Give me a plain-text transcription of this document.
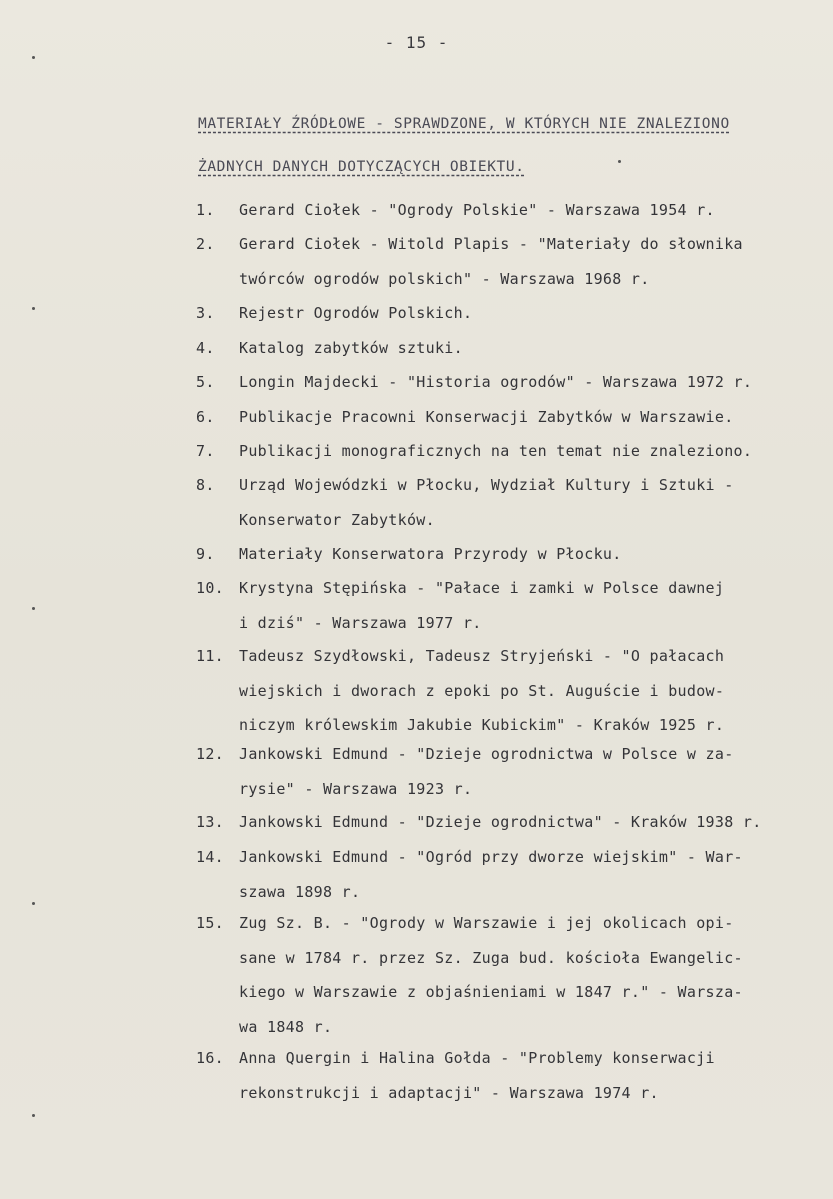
- 15 -
MATERIAŁY ŹRÓDŁOWE - SPRAWDZONE, W KTÓRYCH NIE ZNALEZIONO
ŻADNYCH DANYCH DOTYCZĄCYCH OBIEKTU.
1.	Gerard Ciołek - "Ogrody Polskie" - Warszawa 1954 r.
2.	Gerard Ciołek - Witold Plapis - "Materiały do słownika
twórców ogrodów polskich" - Warszawa 1968 r.
3.	Rejestr Ogrodów Polskich.
4.	Katalog zabytków sztuki.
5.	Longin Majdecki - "Historia ogrodów" - Warszawa 1972 r.
6.	Publikacje Pracowni Konserwacji Zabytków w Warszawie.
7.	Publikacji monograficznych na ten temat nie znaleziono.
8.	Urząd Wojewódzki w Płocku, Wydział Kultury i Sztuki -
Konserwator Zabytków.
9.	Materiały Konserwatora Przyrody w Płocku.
10.	Krystyna Stępińska - "Pałace i zamki w Polsce dawnej
i dziś" - Warszawa 1977 r.
11.	Tadeusz Szydłowski, Tadeusz Stryjeński - "O pałacach
wiejskich i dworach z epoki po St. Auguście i budow-
niczym królewskim Jakubie Kubickim" - Kraków 1925 r.
12.	Jankowski Edmund - "Dzieje ogrodnictwa w Polsce w za-
rysie" - Warszawa 1923 r.
13.	Jankowski Edmund - "Dzieje ogrodnictwa" - Kraków 1938 r.
14.	Jankowski Edmund - "Ogród przy dworze wiejskim" - War-
szawa 1898 r.
15.	Zug Sz. B. - "Ogrody w Warszawie i jej okolicach opi-
sane w 1784 r. przez Sz. Zuga bud. kościoła Ewangelic-
kiego w Warszawie z objaśnieniami w 1847 r." - Warsza-
wa 1848 r.
16.	Anna Quergin i Halina Gołda - "Problemy konserwacji
rekonstrukcji i adaptacji" - Warszawa 1974 r.
